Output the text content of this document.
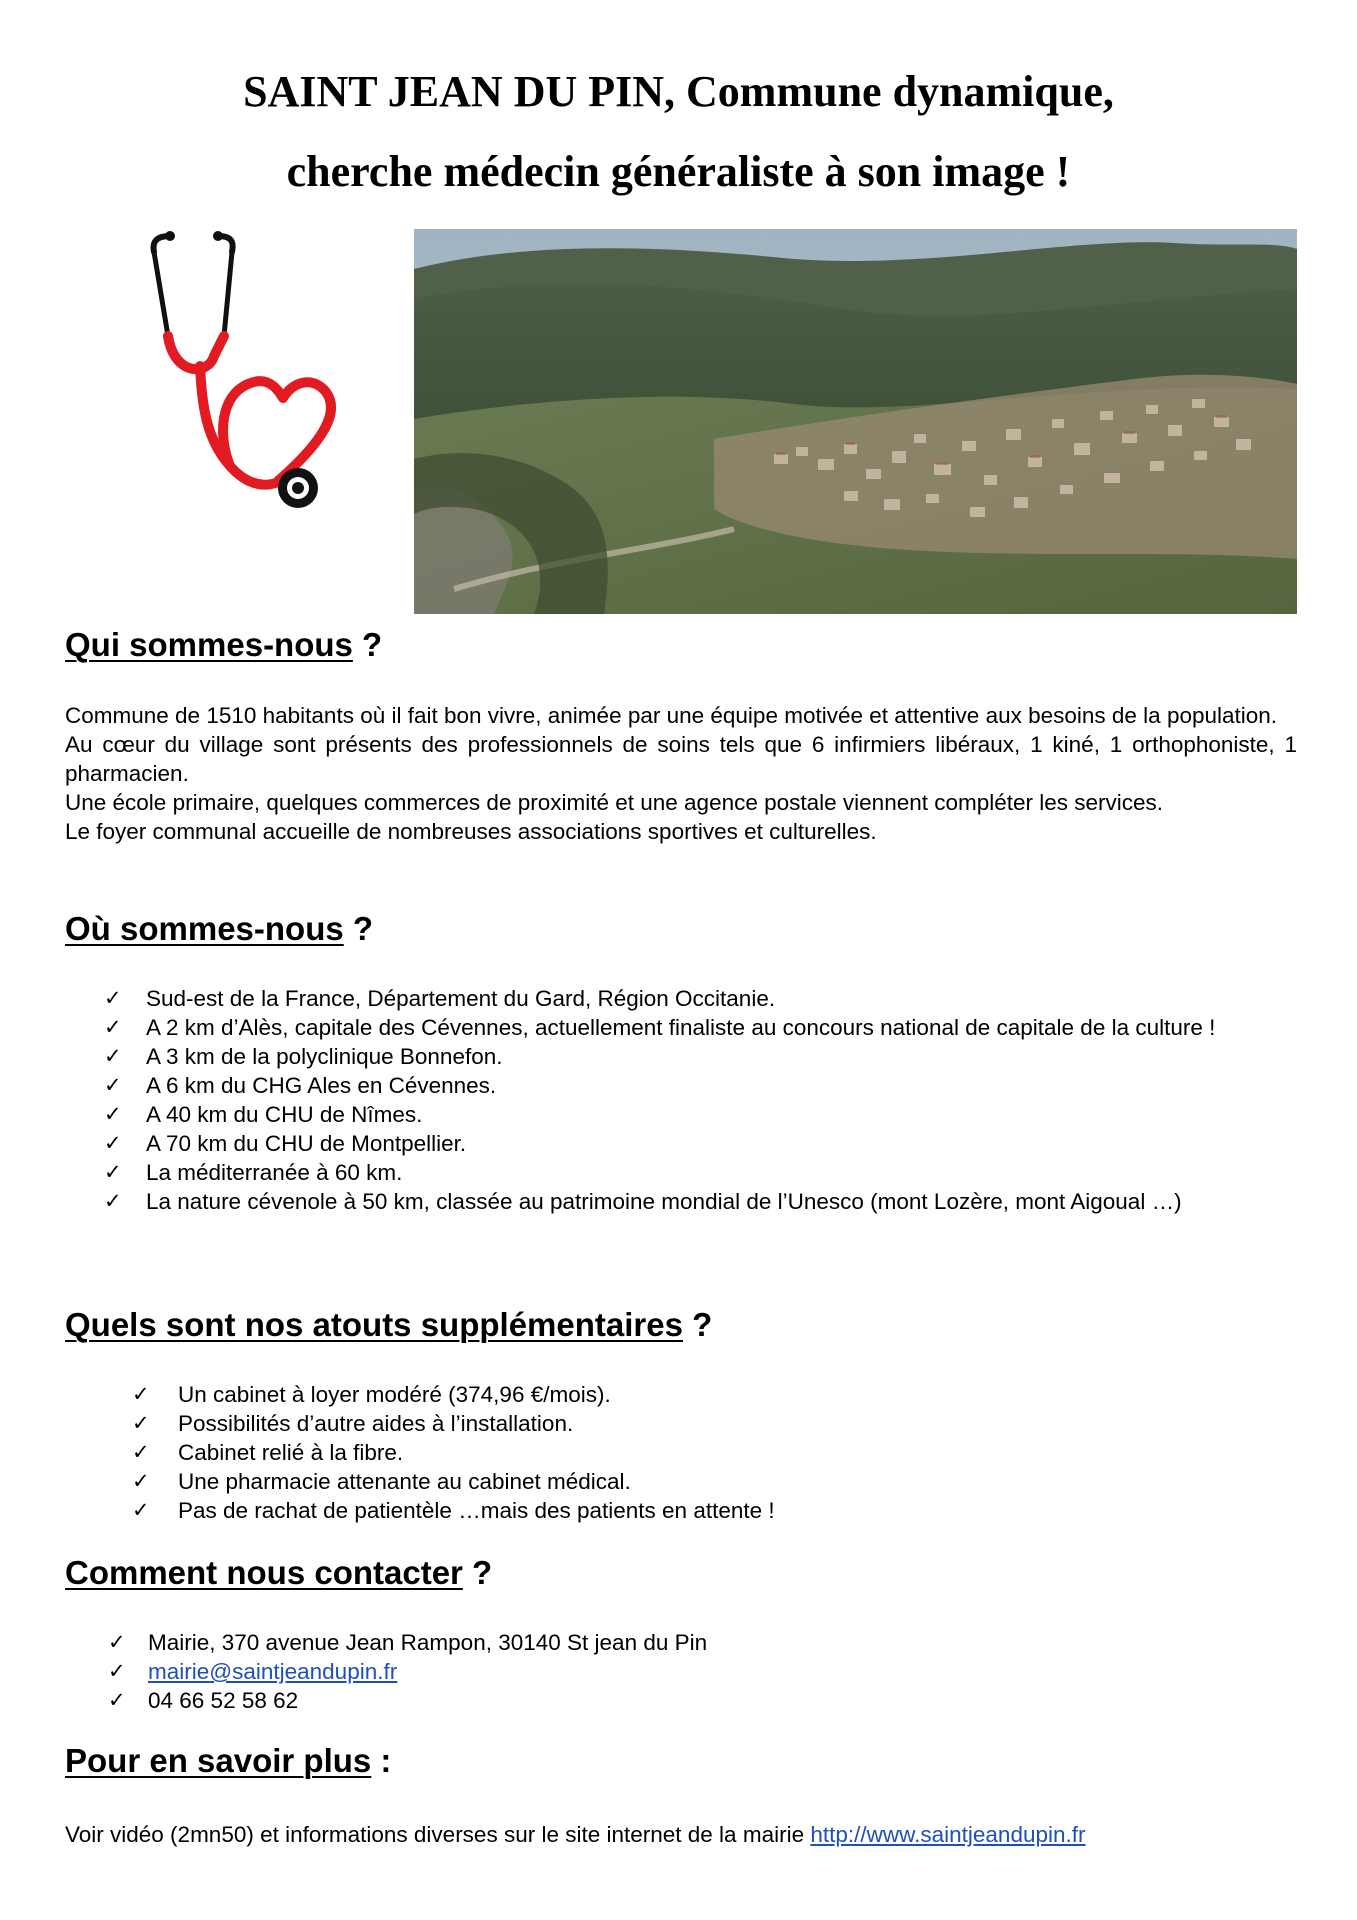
SAINT JEAN DU PIN, Commune dynamique,
cherche médecin généraliste à son image !
Qui sommes-nous ?

Commune de 1510 habitants où il fait bon vivre, animée par une équipe motivée et attentive aux besoins de la population.

Au cœur du village sont présents des professionnels de soins tels que 6 infirmiers libéraux, 1 kiné, 1 orthophoniste, 1 pharmacien.

Une école primaire, quelques commerces de proximité et une agence postale viennent compléter les services.

Le foyer communal accueille de nombreuses associations sportives et culturelles.

Où sommes-nous ?
✓ Sud-est de la France, Département du Gard, Région Occitanie.
✓ A 2 km d’Alès, capitale des Cévennes, actuellement finaliste au concours national de capitale de la culture !
✓ A 3 km de la polyclinique Bonnefon.
✓ A 6 km du CHG Ales en Cévennes.
✓ A 40 km du CHU de Nîmes.
✓ A 70 km du CHU de Montpellier.
✓ La méditerranée à 60 km.
✓ La nature cévenole à 50 km, classée au patrimoine mondial de l’Unesco (mont Lozère, mont Aigoual …)
Quels sont nos atouts supplémentaires ?
✓ Un cabinet à loyer modéré (374,96 €/mois).
✓ Possibilités d’autre aides à l’installation.
✓ Cabinet relié à la fibre.
✓ Une pharmacie attenante au cabinet médical.
✓ Pas de rachat de patientèle …mais des patients en attente !
Comment nous contacter ?
✓ Mairie, 370 avenue Jean Rampon, 30140 St jean du Pin
✓ mairie@saintjeandupin.fr
✓ 04 66 52 58 62
Pour en savoir plus :
Voir vidéo (2mn50) et informations diverses sur le site internet de la mairie http://www.saintjeandupin.fr
